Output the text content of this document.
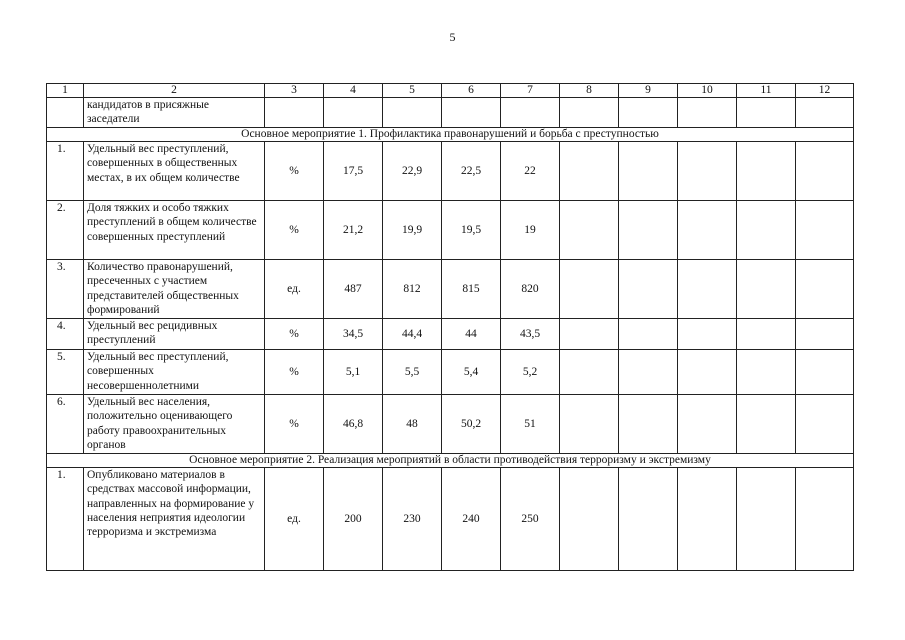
5
1	2	3	4	5	6	7	8	9	10	11	12
	кандидатов в присяжные заседатели										
Основное мероприятие 1. Профилактика правонарушений и борьба с преступностью											
1.	Удельный вес преступлений, совершенных в общественных местах, в их общем количестве	%	17,5	22,9	22,5	22					
2.	Доля тяжких и особо тяжких преступлений в общем количестве совершенных преступлений	%	21,2	19,9	19,5	19					
3.	Количество правонарушений, пресеченных с участием представителей общественных формирований	ед.	487	812	815	820					
4.	Удельный вес рецидивных преступлений	%	34,5	44,4	44	43,5					
5.	Удельный вес преступлений, совершенных несовершеннолетними	%	5,1	5,5	5,4	5,2					
6.	Удельный вес населения, положительно оценивающего работу правоохранительных органов	%	46,8	48	50,2	51					
Основное мероприятие 2. Реализация мероприятий в области противодействия терроризму и экстремизму											
1.	Опубликовано материалов в средствах массовой информации, направленных на формирование у населения неприятия идеологии терроризма и экстремизма	ед.	200	230	240	250					
